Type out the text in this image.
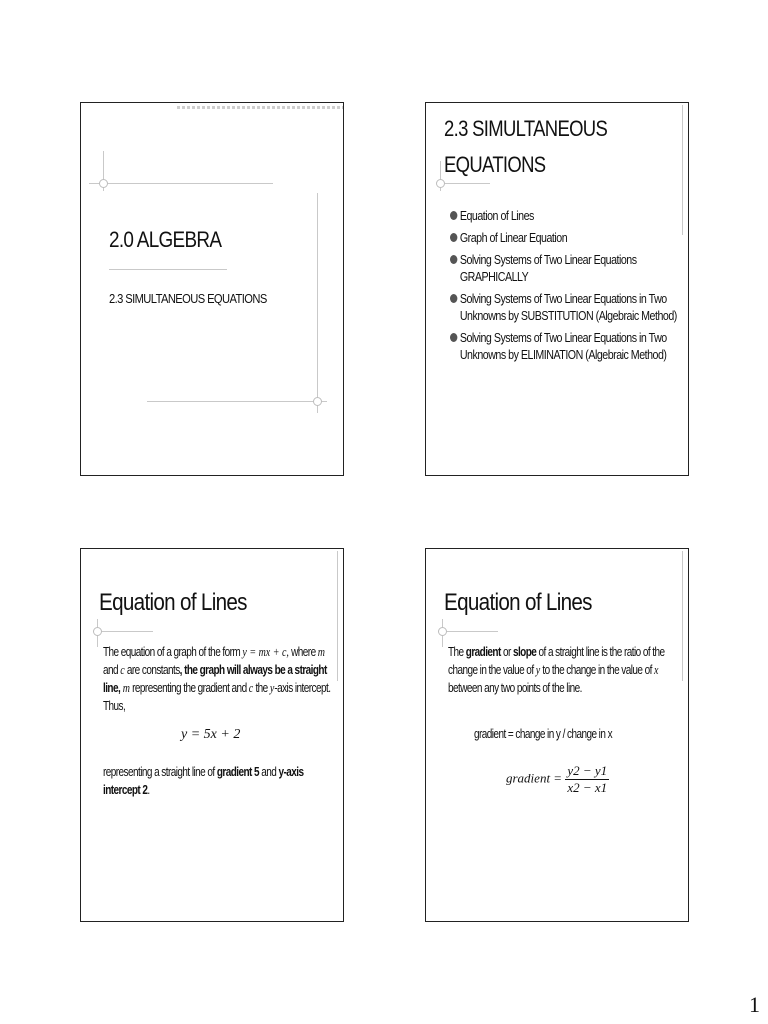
2.0 ALGEBRA
2.3 SIMULTANEOUS EQUATIONS
2.3 SIMULTANEOUS
EQUATIONS
Equation of Lines
Graph of Linear Equation
Solving Systems of Two Linear Equations GRAPHICALLY
Solving Systems of Two Linear Equations in Two Unknowns by SUBSTITUTION (Algebraic Method)
Solving Systems of Two Linear Equations in Two Unknowns by ELIMINATION (Algebraic Method)
Equation of Lines
The equation of a graph of the form y = mx + c, where m and c are constants, the graph will always be a straight line, m representing the gradient and c the y-axis intercept. Thus,
y = 5x + 2
representing a straight line of gradient 5 and y-axis intercept 2.
Equation of Lines
The gradient or slope of a straight line is the ratio of the change in the value of y to the change in the value of x between any two points of the line.
gradient = change in y / change in x
gradient = $\frac{y2 - y1}{x2 - x1}$
1
